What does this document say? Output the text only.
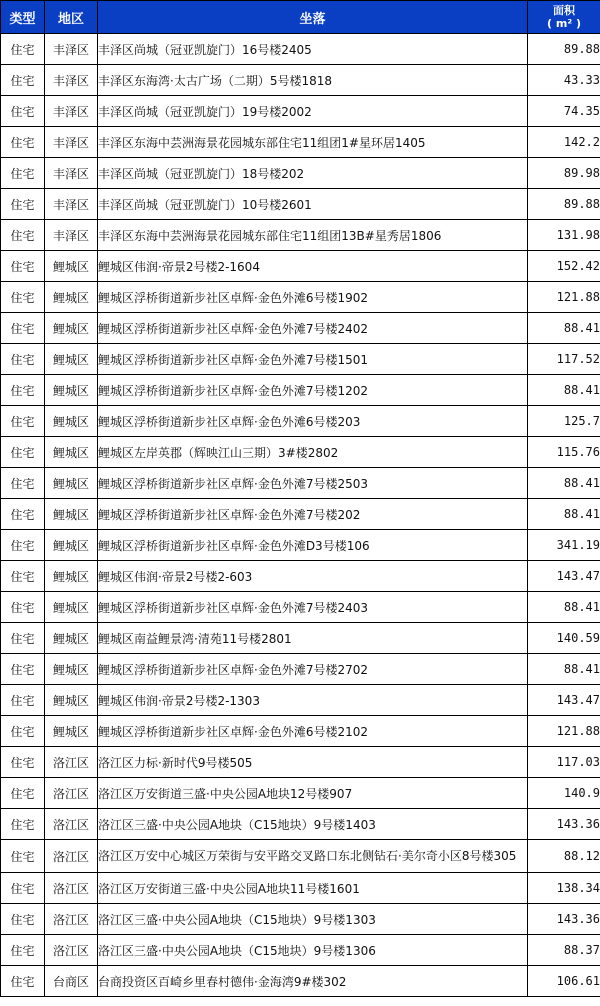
类型	地区	坐落	面积
( m² )

住宅	丰泽区	丰泽区尚城（冠亚凯旋门）16号楼2405	89.88
住宅	丰泽区	丰泽区东海湾·太古广场（二期）5号楼1818	43.33
住宅	丰泽区	丰泽区尚城（冠亚凯旋门）19号楼2002	74.35
住宅	丰泽区	丰泽区东海中芸洲海景花园城东部住宅11组团1#星环居1405	142.2
住宅	丰泽区	丰泽区尚城（冠亚凯旋门）18号楼202	89.98
住宅	丰泽区	丰泽区尚城（冠亚凯旋门）10号楼2601	89.88
住宅	丰泽区	丰泽区东海中芸洲海景花园城东部住宅11组团13B#星秀居1806	131.98
住宅	鲤城区	鲤城区伟润·帝景2号楼2-1604	152.42
住宅	鲤城区	鲤城区浮桥街道新步社区卓辉·金色外滩6号楼1902	121.88
住宅	鲤城区	鲤城区浮桥街道新步社区卓辉·金色外滩7号楼2402	88.41
住宅	鲤城区	鲤城区浮桥街道新步社区卓辉·金色外滩7号楼1501	117.52
住宅	鲤城区	鲤城区浮桥街道新步社区卓辉·金色外滩7号楼1202	88.41
住宅	鲤城区	鲤城区浮桥街道新步社区卓辉·金色外滩6号楼203	125.7
住宅	鲤城区	鲤城区左岸英郡（辉映江山三期）3#楼2802	115.76
住宅	鲤城区	鲤城区浮桥街道新步社区卓辉·金色外滩7号楼2503	88.41
住宅	鲤城区	鲤城区浮桥街道新步社区卓辉·金色外滩7号楼202	88.41
住宅	鲤城区	鲤城区浮桥街道新步社区卓辉·金色外滩D3号楼106	341.19
住宅	鲤城区	鲤城区伟润·帝景2号楼2-603	143.47
住宅	鲤城区	鲤城区浮桥街道新步社区卓辉·金色外滩7号楼2403	88.41
住宅	鲤城区	鲤城区南益鲤景湾·清苑11号楼2801	140.59
住宅	鲤城区	鲤城区浮桥街道新步社区卓辉·金色外滩7号楼2702	88.41
住宅	鲤城区	鲤城区伟润·帝景2号楼2-1303	143.47
住宅	鲤城区	鲤城区浮桥街道新步社区卓辉·金色外滩6号楼2102	121.88
住宅	洛江区	洛江区力标·新时代9号楼505	117.03
住宅	洛江区	洛江区万安街道三盛·中央公园A地块12号楼907	140.9
住宅	洛江区	洛江区三盛·中央公园A地块（C15地块）9号楼1403	143.36
住宅	洛江区	洛江区万安中心城区万荣街与安平路交叉路口东北侧钻石·美尔奇小区8号楼305	88.12
住宅	洛江区	洛江区万安街道三盛·中央公园A地块11号楼1601	138.34
住宅	洛江区	洛江区三盛·中央公园A地块（C15地块）9号楼1303	143.36
住宅	洛江区	洛江区三盛·中央公园A地块（C15地块）9号楼1306	88.37
住宅	台商区	台商投资区百崎乡里春村德伟·金海湾9#楼302	106.61
